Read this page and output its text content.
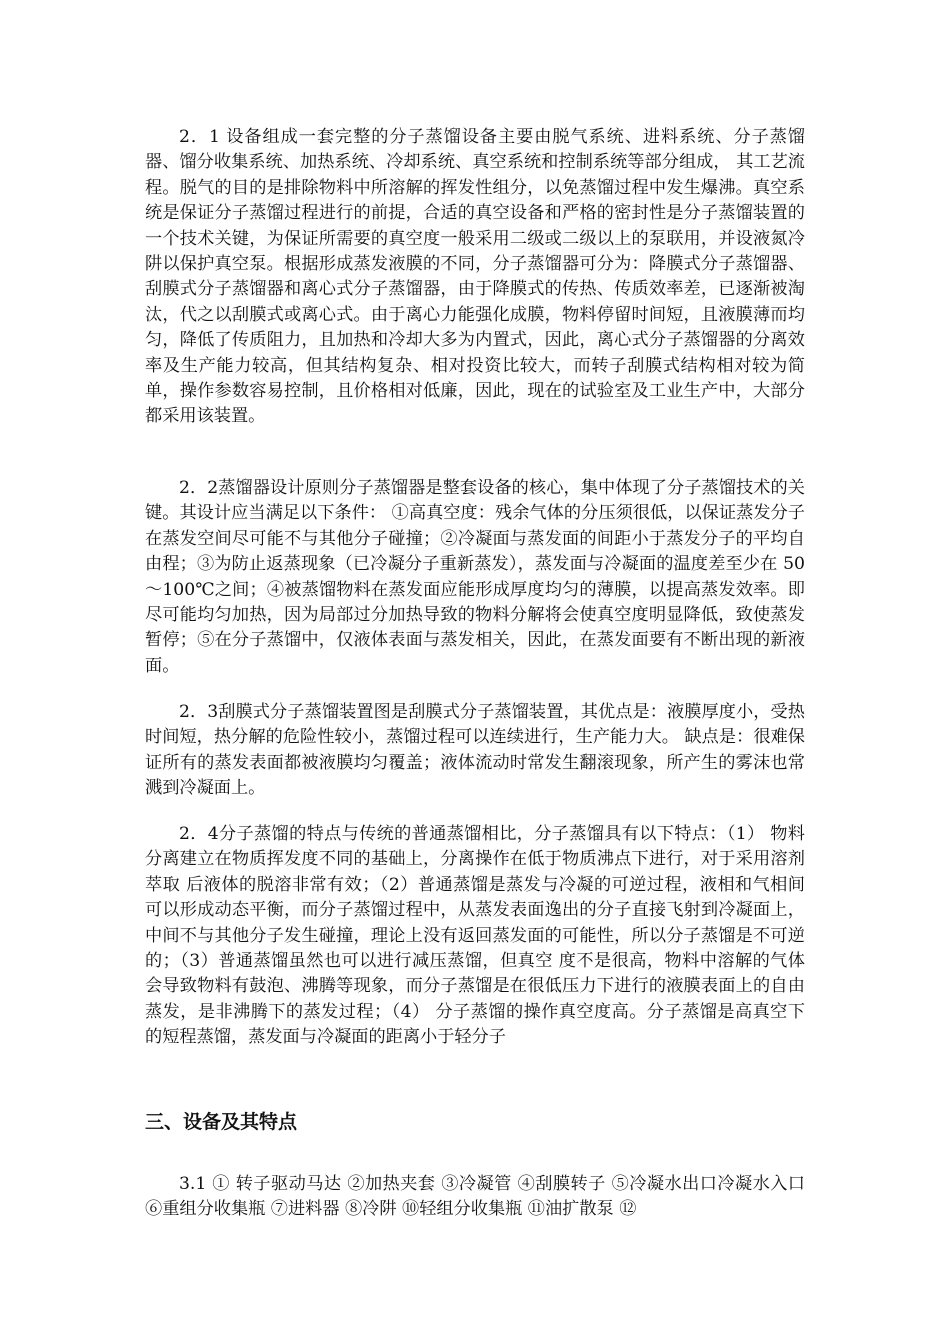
2．1 设备组成一套完整的分子蒸馏设备主要由脱气系统、进料系统、分子蒸馏器、馏分收集系统、加热系统、冷却系统、真空系统和控制系统等部分组成， 其工艺流程。脱气的目的是排除物料中所溶解的挥发性组分，以免蒸馏过程中发生爆沸。真空系统是保证分子蒸馏过程进行的前提，合适的真空设备和严格的密封性是分子蒸馏装置的一个技术关键，为保证所需要的真空度一般采用二级或二级以上的泵联用，并设液氮冷阱以保护真空泵。根据形成蒸发液膜的不同，分子蒸馏器可分为：降膜式分子蒸馏器、刮膜式分子蒸馏器和离心式分子蒸馏器，由于降膜式的传热、传质效率差，已逐渐被淘汰，代之以刮膜式或离心式。由于离心力能强化成膜，物料停留时间短，且液膜薄而均匀，降低了传质阻力，且加热和冷却大多为内置式，因此，离心式分子蒸馏器的分离效率及生产能力较高，但其结构复杂、相对投资比较大，而转子刮膜式结构相对较为简单，操作参数容易控制，且价格相对低廉，因此，现在的试验室及工业生产中，大部分都采用该装置。

2．2蒸馏器设计原则分子蒸馏器是整套设备的核心，集中体现了分子蒸馏技术的关键。其设计应当满足以下条件： ①高真空度：残余气体的分压须很低，以保证蒸发分子在蒸发空间尽可能不与其他分子碰撞；②冷凝面与蒸发面的间距小于蒸发分子的平均自由程；③为防止返蒸现象（已冷凝分子重新蒸发），蒸发面与冷凝面的温度差至少在 50～100℃之间；④被蒸馏物料在蒸发面应能形成厚度均匀的薄膜，以提高蒸发效率。即尽可能均匀加热，因为局部过分加热导致的物料分解将会使真空度明显降低，致使蒸发暂停；⑤在分子蒸馏中，仅液体表面与蒸发相关，因此，在蒸发面要有不断出现的新液面。

2．3刮膜式分子蒸馏装置图是刮膜式分子蒸馏装置，其优点是：液膜厚度小，受热时间短，热分解的危险性较小，蒸馏过程可以连续进行，生产能力大。 缺点是：很难保证所有的蒸发表面都被液膜均匀覆盖；液体流动时常发生翻滚现象，所产生的雾沫也常溅到冷凝面上。

2．4分子蒸馏的特点与传统的普通蒸馏相比，分子蒸馏具有以下特点：（1） 物料分离建立在物质挥发度不同的基础上，分离操作在低于物质沸点下进行，对于采用溶剂萃取 后液体的脱溶非常有效；（2）普通蒸馏是蒸发与冷凝的可逆过程，液相和气相间可以形成动态平衡，而分子蒸馏过程中，从蒸发表面逸出的分子直接飞射到冷凝面上，中间不与其他分子发生碰撞，理论上没有返回蒸发面的可能性，所以分子蒸馏是不可逆的；（3）普通蒸馏虽然也可以进行减压蒸馏，但真空 度不是很高，物料中溶解的气体会导致物料有鼓泡、沸腾等现象，而分子蒸馏是在很低压力下进行的液膜表面上的自由蒸发，是非沸腾下的蒸发过程；（4） 分子蒸馏的操作真空度高。分子蒸馏是高真空下的短程蒸馏，蒸发面与冷凝面的距离小于轻分子

三、设备及其特点

3.1 ① 转子驱动马达 ②加热夹套 ③冷凝管 ④刮膜转子 ⑤冷凝水出口冷凝水入口 ⑥重组分收集瓶 ⑦进料器 ⑧冷阱 ⑩轻组分收集瓶 ⑪油扩散泵 ⑫
